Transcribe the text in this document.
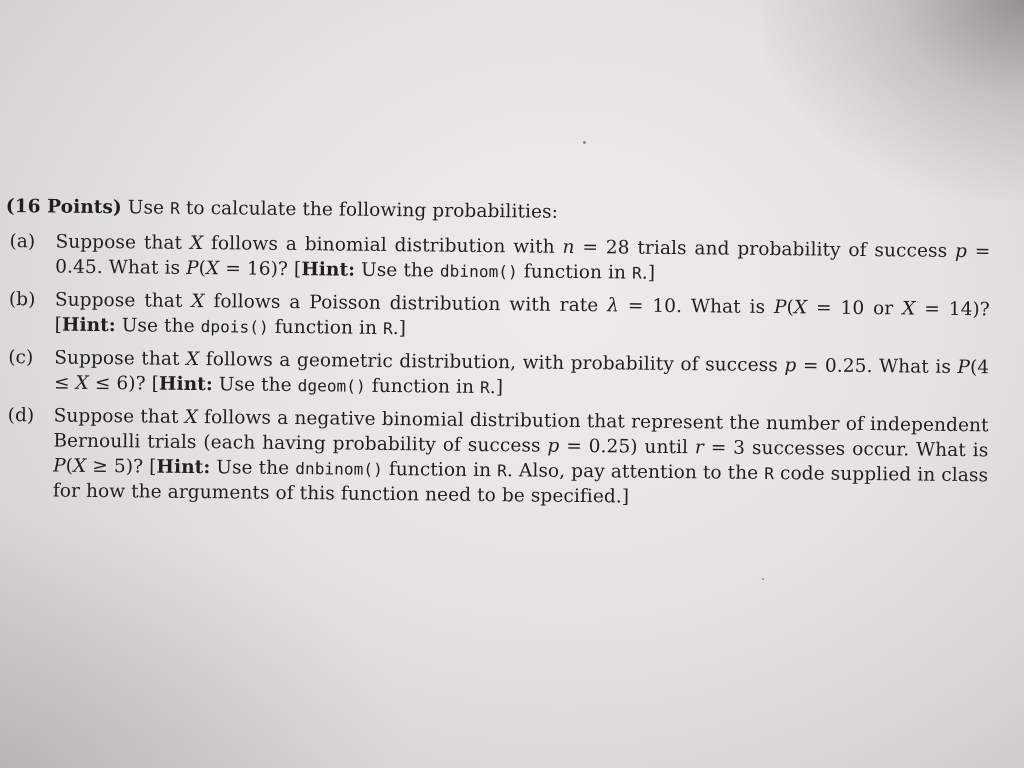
(16 Points) Use R to calculate the following probabilities:

(a)	Suppose that X follows a binomial distribution with n = 28 trials and probability of success p = 0.45. What is P(X = 16)? [Hint: Use the dbinom() function in R.]
(b)	Suppose that X follows a Poisson distribution with rate λ = 10. What is P(X = 10 or X = 14)? [Hint: Use the dpois() function in R.]
(c)	Suppose that X follows a geometric distribution, with probability of success p = 0.25. What is P(4 ≤ X ≤ 6)? [Hint: Use the dgeom() function in R.]
(d)	Suppose that X follows a negative binomial distribution that represent the number of independent Bernoulli trials (each having probability of success p = 0.25) until r = 3 successes occur. What is P(X ≥ 5)? [Hint: Use the dnbinom() function in R. Also, pay attention to the R code supplied in class for how the arguments of this function need to be specified.]
